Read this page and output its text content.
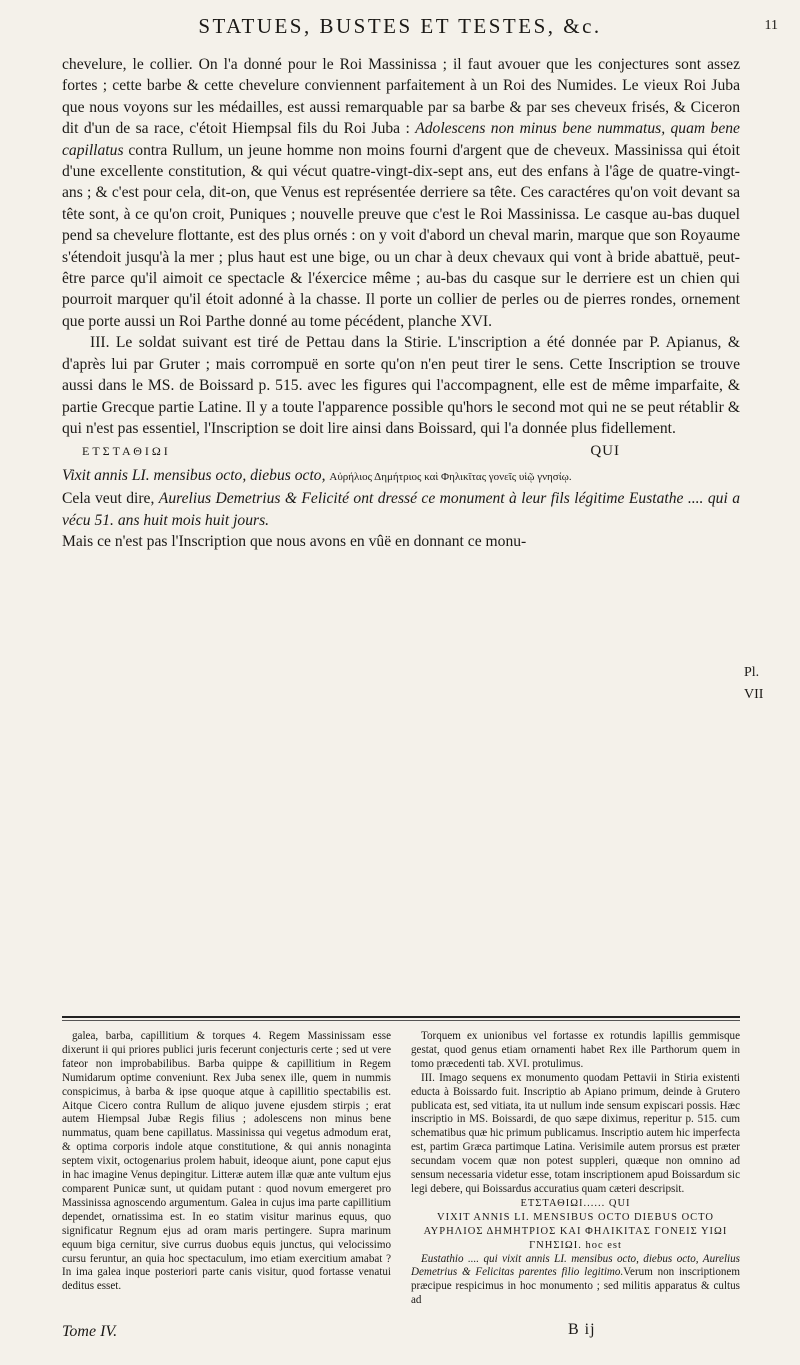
STATUES, BUSTES ET TESTES, &c.	11

chevelure, le collier. On l'a donné pour le Roi Massinissa ; il faut avouer que les conjectures sont assez fortes ; cette barbe & cette chevelure conviennent parfaitement à un Roi des Numides. Le vieux Roi Juba que nous voyons sur les médailles, est aussi remarquable par sa barbe & par ses cheveux frisés, & Ciceron dit d'un de sa race, c'étoit Hiempsal fils du Roi Juba : Adolescens non minus bene nummatus, quam bene capillatus contra Rullum, un jeune homme non moins fourni d'argent que de cheveux. Massinissa qui étoit d'une excellente constitution, & qui vécut quatre-vingt-dix-sept ans, eut des enfans à l'âge de quatre-vingt-ans ; & c'est pour cela, dit-on, que Venus est représentée derriere sa tête. Ces caractéres qu'on voit devant sa tête sont, à ce qu'on croit, Puniques ; nouvelle preuve que c'est le Roi Massinissa. Le casque au-bas duquel pend sa chevelure flottante, est des plus ornés : on y voit d'abord un cheval marin, marque que son Royaume s'étendoit jusqu'à la mer ; plus haut est une bige, ou un char à deux chevaux qui vont à bride abattuë, peut-être parce qu'il aimoit ce spectacle & l'éxercice même ; au-bas du casque sur le derriere est un chien qui pourroit marquer qu'il étoit adonné à la chasse. Il porte un collier de perles ou de pierres rondes, ornement que porte aussi un Roi Parthe donné au tome pécédent, planche XVI.

III. Le soldat suivant est tiré de Pettau dans la Stirie. L'inscription a été donnée par P. Apianus, & d'après lui par Gruter ; mais corrompuë en sorte qu'on n'en peut tirer le sens. Cette Inscription se trouve aussi dans le MS. de Boissard p. 515. avec les figures qui l'accompagnent, elle est de même imparfaite, & partie Grecque partie Latine. Il y a toute l'apparence possible qu'hors le second mot qui ne se peut rétablir & qui n'est pas essentiel, l'Inscription se doit lire ainsi dans Boissard, qui l'a donnée plus fidellement.

ΕΤΣΤΑΘΙΩΙ	QUI

Vixit annis LI. mensibus octo, diebus octo, Αὐρήλιος Δημήτριος καὶ Φηλικῖτας γονεῖς υἱῷ γνησίῳ.

Cela veut dire, Aurelius Demetrius & Felicité ont dressé ce monument à leur fils légitime Eustathe .... qui a vécu 51. ans huit mois huit jours.

Mais ce n'est pas l'Inscription que nous avons en vûë en donnant ce monu-

Pl.
VII

galea, barba, capillitium & torques 4. Regem Massinissam esse dixerunt ii qui priores publici juris fecerunt conjecturis certe ; sed ut vere fateor non improbabilibus. Barba quippe & capillitium in Regem Numidarum optime conveniunt. Rex Juba senex ille, quem in nummis conspicimus, à barba & ipse quoque atque à capillitio spectabilis est. Aitque Cicero contra Rullum de aliquo juvene ejusdem stirpis ; erat autem Hiempsal Jubæ Regis filius ; adolescens non minus bene nummatus, quam bene capillatus. Massinissa qui vegetus admodum erat, & optima corporis indole atque constitutione, & qui annis nonaginta septem vixit, octogenarius prolem habuit, ideoque aiunt, pone caput ejus in hac imagine Venus depingitur. Litteræ autem illæ quæ ante vultum ejus comparent Punicæ sunt, ut quidam putant : quod novum emergeret pro Massinissa agnoscendo argumentum. Galea in cujus ima parte capillitium dependet, ornatissima est. In eo statim visitur marinus equus, quo significatur Regnum ejus ad oram maris pertingere. Supra marinum equum biga cernitur, sive currus duobus equis junctus, qui velocissimo cursu feruntur, an quia hoc spectaculum, imo etiam exercitium amabat ? In ima galea inque posteriori parte canis visitur, quod fortasse venatui deditus esset.

Torquem ex unionibus vel fortasse ex rotundis lapillis gemmisque gestat, quod genus etiam ornamenti habet Rex ille Parthorum quem in tomo præcedenti tab. XVI. protulimus.

III. Imago sequens ex monumento quodam Pettavii in Stiria existenti educta à Boissardo fuit. Inscriptio ab Apiano primum, deinde à Grutero publicata est, sed vitiata, ita ut nullum inde sensum expiscari possis. Hæc inscriptio in MS. Boissardi, de quo sæpe diximus, reperitur p. 515. cum schematibus quæ hic primum publicamus. Inscriptio autem hic imperfecta est, partim Græca partimque Latina. Verisimile autem prorsus est præter secundam vocem quæ non potest suppleri, quæque non omnino ad sensum necessaria videtur esse, totam inscriptionem apud Boissardum sic legi debere, qui Boissardus accuratius quam cæteri descripsit.

ΕΤΣΤΑΘΙΩΙ...... QUI

VIXIT ANNIS LI. MENSIBUS OCTO DIEBUS OCTO

ΑΥΡΗΛΙΟΣ ΔΗΜΗΤΡΙΟΣ ΚΑΙ ΦΗΛΙΚΙΤΑΣ ΓΟΝΕΙΣ ΥΙΩΙ ΓΝΗΣΙΩΙ. hoc est

Eustathio .... qui vixit annis LI. mensibus octo, diebus octo, Aurelius Demetrius & Felicitas parentes filio legitimo.Verum non inscriptionem præcipue respicimus in hoc monumento ; sed militis apparatus & cultus ad

Tome IV.	B ij
